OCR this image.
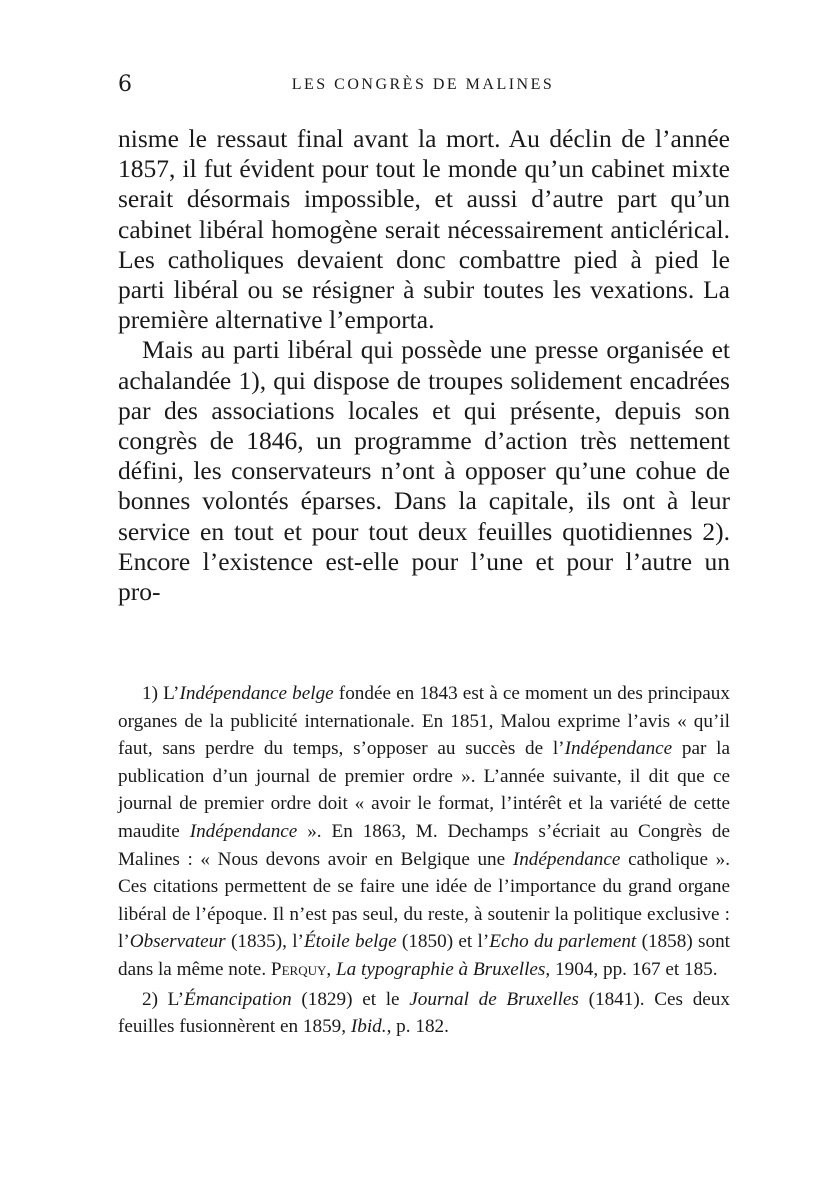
6	LES CONGRÈS DE MALINES

nisme le ressaut final avant la mort. Au déclin de l’année 1857, il fut évident pour tout le monde qu’un cabinet mixte serait désormais impossible, et aussi d’autre part qu’un cabinet libéral homogène serait nécessairement anticlérical. Les catholiques devaient donc combattre pied à pied le parti libéral ou se résigner à subir toutes les vexations. La première alternative l’emporta.

Mais au parti libéral qui possède une presse organisée et achalandée 1), qui dispose de troupes solidement encadrées par des associations locales et qui présente, depuis son congrès de 1846, un programme d’action très nettement défini, les conservateurs n’ont à opposer qu’une cohue de bonnes volontés éparses. Dans la capitale, ils ont à leur service en tout et pour tout deux feuilles quotidiennes 2). Encore l’existence est-elle pour l’une et pour l’autre un pro-

1) L’Indépendance belge fondée en 1843 est à ce moment un des principaux organes de la publicité internationale. En 1851, Malou exprime l’avis « qu’il faut, sans perdre du temps, s’opposer au succès de l’Indépendance par la publication d’un journal de premier ordre ». L’année suivante, il dit que ce journal de premier ordre doit « avoir le format, l’intérêt et la variété de cette maudite Indépendance ». En 1863, M. Dechamps s’écriait au Congrès de Malines : « Nous devons avoir en Belgique une Indépendance catholique ». Ces citations permettent de se faire une idée de l’importance du grand organe libéral de l’époque. Il n’est pas seul, du reste, à soutenir la politique exclusive : l’Observateur (1835), l’Étoile belge (1850) et l’Echo du parlement (1858) sont dans la même note. Perquy, La typographie à Bruxelles, 1904, pp. 167 et 185.

2) L’Émancipation (1829) et le Journal de Bruxelles (1841). Ces deux feuilles fusionnèrent en 1859, Ibid., p. 182.
